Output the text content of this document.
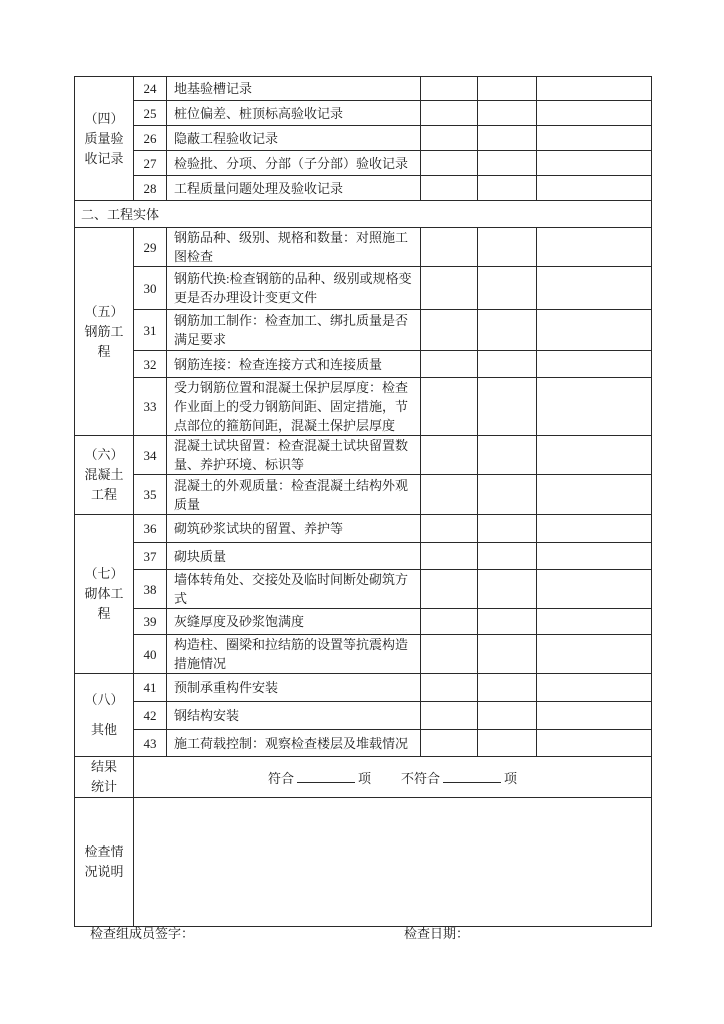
（四）
质量验
收记录	24	地基验槽记录			
	25	桩位偏差、桩顶标高验收记录			
	26	隐蔽工程验收记录			
	27	检验批、分项、分部（子分部）验收记录			
	28	工程质量问题处理及验收记录			
二、工程实体					

（五）
钢筋工
程	29	钢筋品种、级别、规格和数量：对照施工图检查			
	30	钢筋代换:检查钢筋的品种、级别或规格变更是否办理设计变更文件			
	31	钢筋加工制作：检查加工、绑扎质量是否满足要求			
	32	钢筋连接：检查连接方式和连接质量			
	33	受力钢筋位置和混凝土保护层厚度：检查作业面上的受力钢筋间距、固定措施，节点部位的箍筋间距，混凝土保护层厚度			

（六）
混凝土
工程	34	混凝土试块留置：检查混凝土试块留置数量、养护环境、标识等			
	35	混凝土的外观质量：检查混凝土结构外观质量			

（七）
砌体工
程	36	砌筑砂浆试块的留置、养护等			
	37	砌块质量			
	38	墙体转角处、交接处及临时间断处砌筑方式			
	39	灰缝厚度及砂浆饱满度			
	40	构造柱、圈梁和拉结筋的设置等抗震构造措施情况			

（八）
其他	41	预制承重构件安装			
	42	钢结构安装			
	43	施工荷载控制：观察检查楼层及堆载情况			

结果
统计	符合 项 不符合 项				

检查情
况说明					

检查组成员签字：	检查日期：
